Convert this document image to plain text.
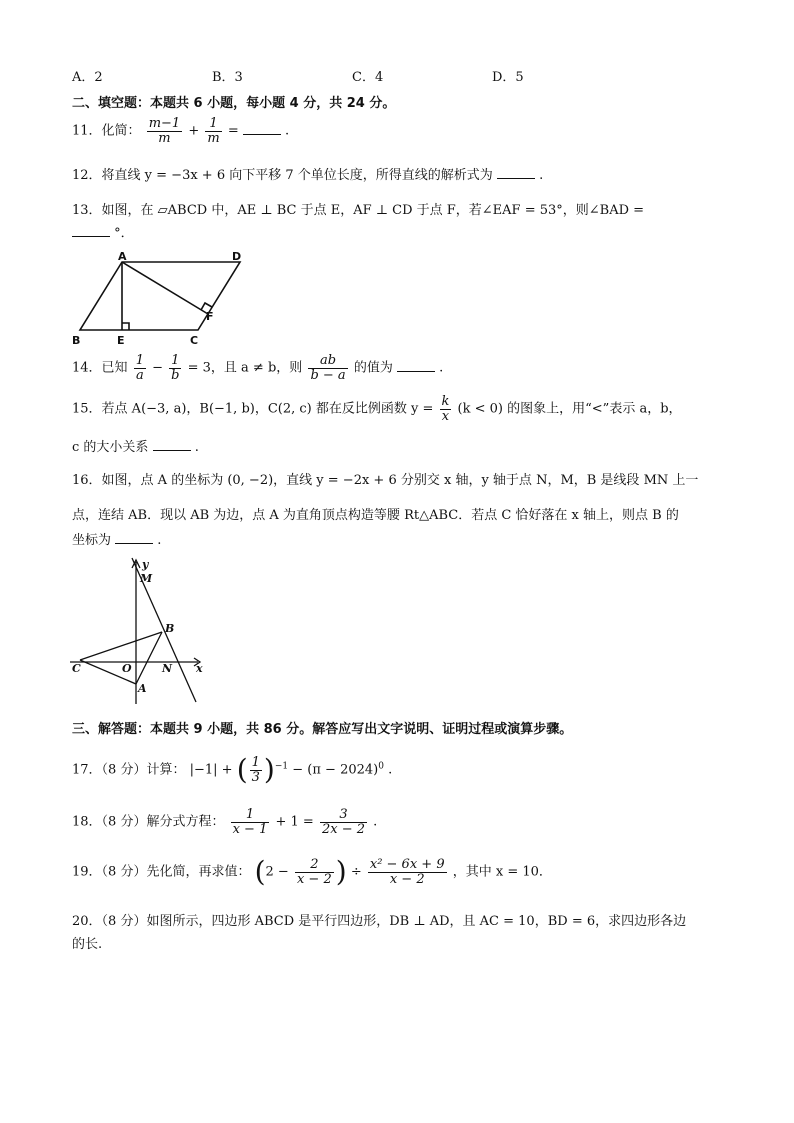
A．2	B．3	C．4	D．5
二、填空题：本题共 6 小题，每小题 4 分，共 24 分。
11．化简： $\frac{m-1}{m} + \frac{1}{m}$ =	.
12．将直线 y = −3x + 6 向下平移 7 个单位长度，所得直线的解析式为	.
13．如图，在 ▱ABCD 中，AE ⊥ BC 于点 E，AF ⊥ CD 于点 F，若∠EAF = 53°，则∠BAD =
°．
A	D
B	E	C
F
14．已知 $\frac{1}{a} - \frac{1}{b} = 3$，且 a ≠ b，则 $\frac{ab}{b - a}$ 的值为	.
15．若点 A(−3, a)，B(−1, b)，C(2, c) 都在反比例函数 $y = \frac{k}{x} (k < 0)$ 的图象上，用“<”表示 a，b，
c 的大小关系	.
16．如图，点 A 的坐标为 (0, −2)，直线 y = −2x + 6 分别交 x 轴，y 轴于点 N，M，B 是线段 MN 上一
点，连结 AB．现以 AB 为边，点 A 为直角顶点构造等腰 Rt△ABC．若点 C 恰好落在 x 轴上，则点 B 的
坐标为	.
y
M
B
C	O	N x
A
三、解答题：本题共 9 小题，共 86 分。解答应写出文字说明、证明过程或演算步骤。
17．（8 分）计算： |−1| + ( $\frac{1}{3} )^{-1} - (\pi - 2024)^0$ .
18．（8 分）解分式方程： $\frac{1}{x - 1} + 1 = \frac{3}{2x - 2}$ .
19．（8 分）先化简，再求值： ($2 - \frac{2}{x - 2}$ ) ÷ $\frac{\text{x² − 6x + 9}}{x - 2}$ ，其中 x = 10．
20．（8 分）如图所示，四边形 ABCD 是平行四边形，DB ⊥ AD，且 AC = 10，BD = 6，求四边形各边
的长.
